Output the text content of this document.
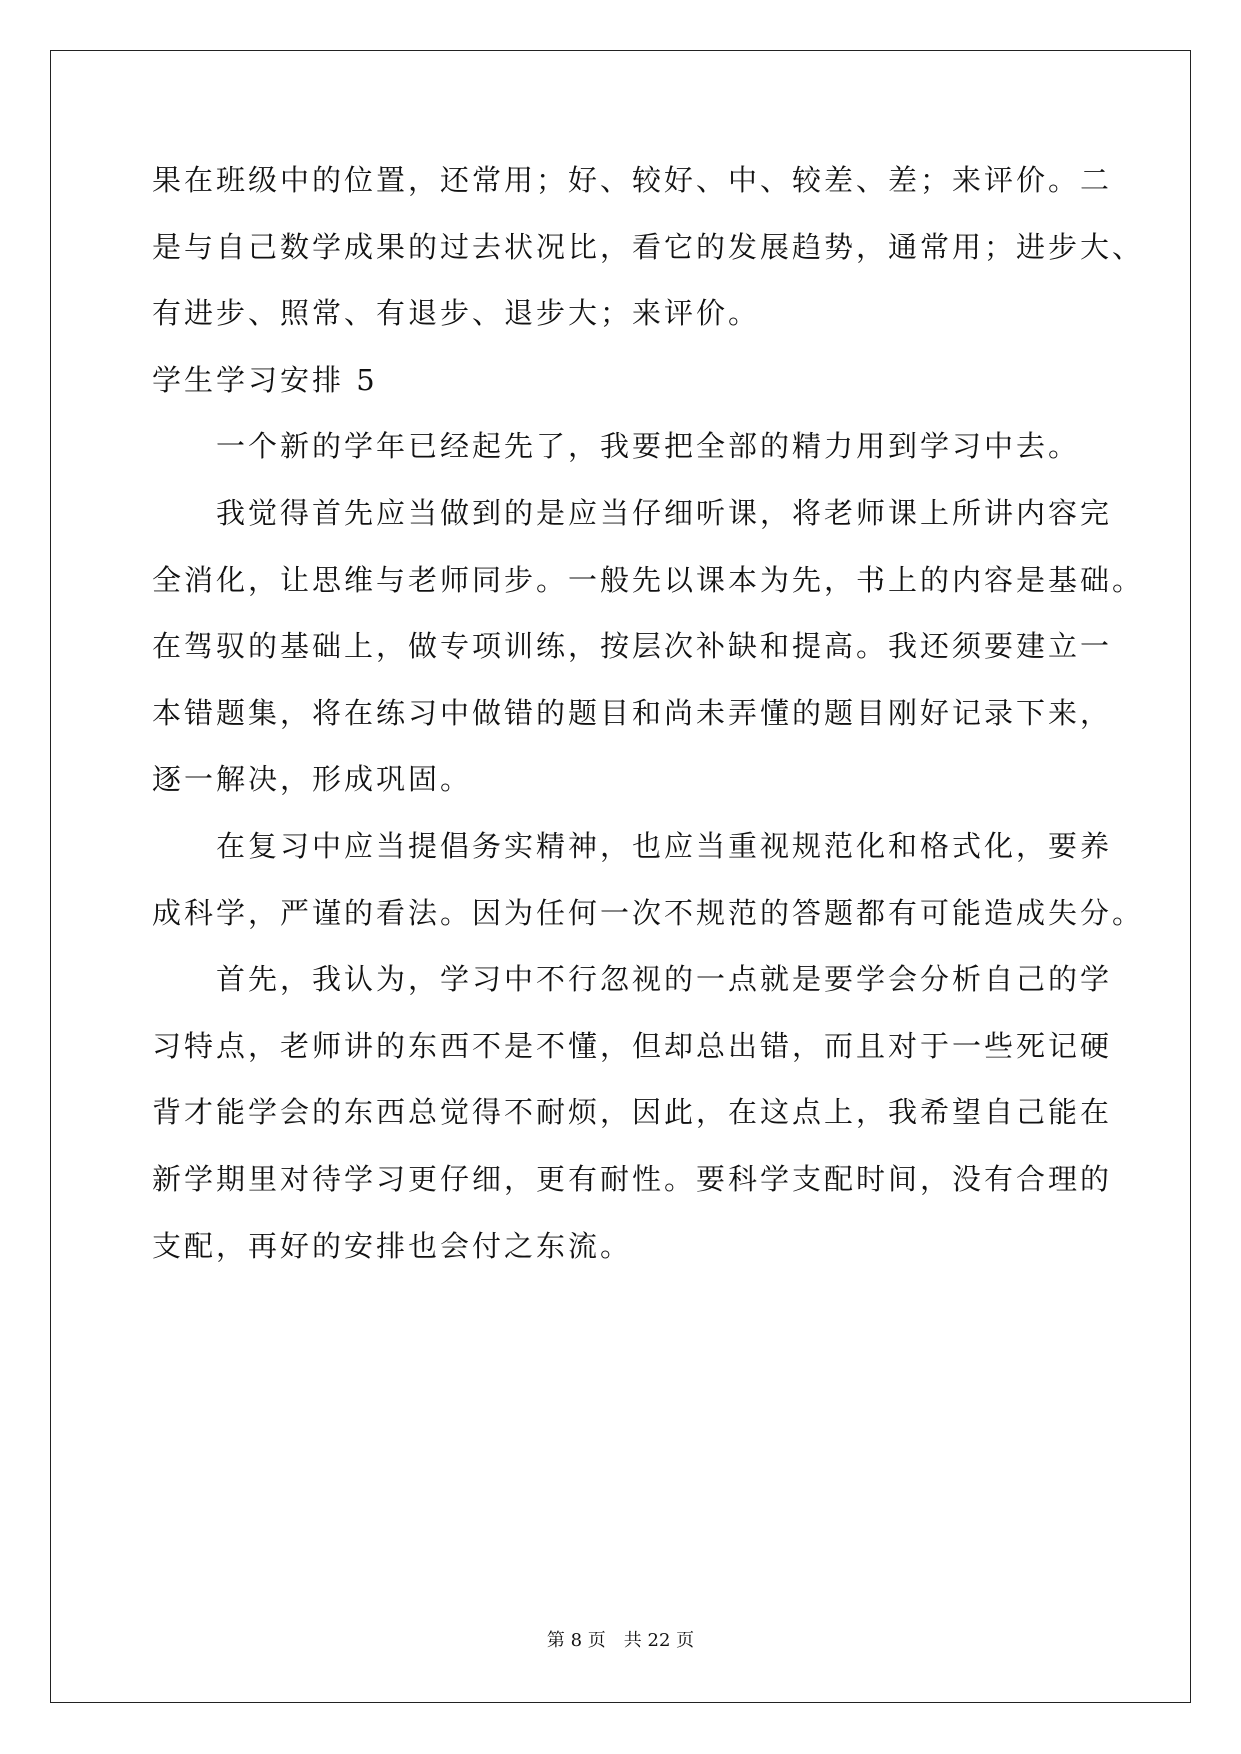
果在班级中的位置，还常用；好、较好、中、较差、差；来评价。二
是与自己数学成果的过去状况比，看它的发展趋势，通常用；进步大、
有进步、照常、有退步、退步大；来评价。
学生学习安排 5
　　一个新的学年已经起先了，我要把全部的精力用到学习中去。
　　我觉得首先应当做到的是应当仔细听课，将老师课上所讲内容完
全消化，让思维与老师同步。一般先以课本为先，书上的内容是基础。
在驾驭的基础上，做专项训练，按层次补缺和提高。我还须要建立一
本错题集，将在练习中做错的题目和尚未弄懂的题目刚好记录下来，
逐一解决，形成巩固。
　　在复习中应当提倡务实精神，也应当重视规范化和格式化，要养
成科学，严谨的看法。因为任何一次不规范的答题都有可能造成失分。
　　首先，我认为，学习中不行忽视的一点就是要学会分析自己的学
习特点，老师讲的东西不是不懂，但却总出错，而且对于一些死记硬
背才能学会的东西总觉得不耐烦，因此，在这点上，我希望自己能在
新学期里对待学习更仔细，更有耐性。要科学支配时间，没有合理的
支配，再好的安排也会付之东流。
第 8 页　共 22 页
